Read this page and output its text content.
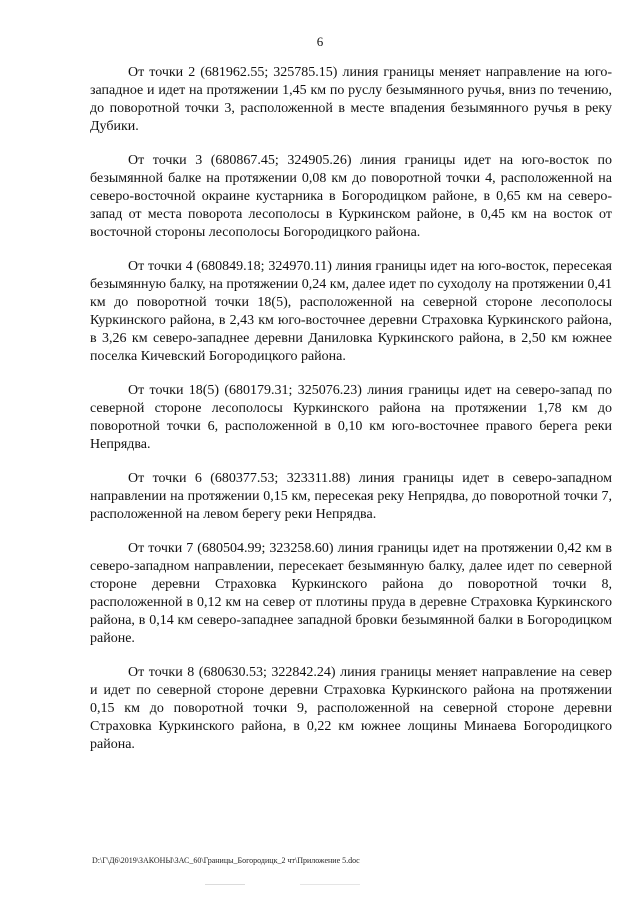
6

От точки 2 (681962.55; 325785.15) линия границы меняет направление на юго-западное и идет на протяжении 1,45 км по руслу безымянного ручья, вниз по течению, до поворотной точки 3, расположенной в месте впадения безымянного ручья в реку Дубики.

От точки 3 (680867.45; 324905.26) линия границы идет на юго-восток по безымянной балке на протяжении 0,08 км до поворотной точки 4, расположенной на северо-восточной окраине кустарника в Богородицком районе, в 0,65 км на северо-запад от места поворота лесополосы в Куркинском районе, в 0,45 км на восток от восточной стороны лесополосы Богородицкого района.

От точки 4 (680849.18; 324970.11) линия границы идет на юго-восток, пересекая безымянную балку, на протяжении 0,24 км, далее идет по суходолу на протяжении 0,41 км до поворотной точки 18(5), расположенной на северной стороне лесополосы Куркинского района, в 2,43 км юго-восточнее деревни Страховка Куркинского района, в 3,26 км северо-западнее деревни Даниловка Куркинского района, в 2,50 км южнее поселка Кичевский Богородицкого района.

От точки 18(5) (680179.31; 325076.23) линия границы идет на северо-запад по северной стороне лесополосы Куркинского района на протяжении 1,78 км до поворотной точки 6, расположенной в 0,10 км юго-восточнее правого берега реки Непрядва.

От точки 6 (680377.53; 323311.88) линия границы идет в северо-западном направлении на протяжении 0,15 км, пересекая реку Непрядва, до поворотной точки 7, расположенной на левом берегу реки Непрядва.

От точки 7 (680504.99; 323258.60) линия границы идет на протяжении 0,42 км в северо-западном направлении, пересекает безымянную балку, далее идет по северной стороне деревни Страховка Куркинского района до поворотной точки 8, расположенной в 0,12 км на север от плотины пруда в деревне Страховка Куркинского района, в 0,14 км северо-западнее западной бровки безымянной балки в Богородицком районе.

От точки 8 (680630.53; 322842.24) линия границы меняет направление на север и идет по северной стороне деревни Страховка Куркинского района на протяжении 0,15 км до поворотной точки 9, расположенной на северной стороне деревни Страховка Куркинского района, в 0,22 км южнее лощины Минаева Богородицкого района.

D:\Г\Д6\2019\ЗАКОНЫ\ЗАС_60\Границы_Богородицк_2 чт\Приложение 5.doc
